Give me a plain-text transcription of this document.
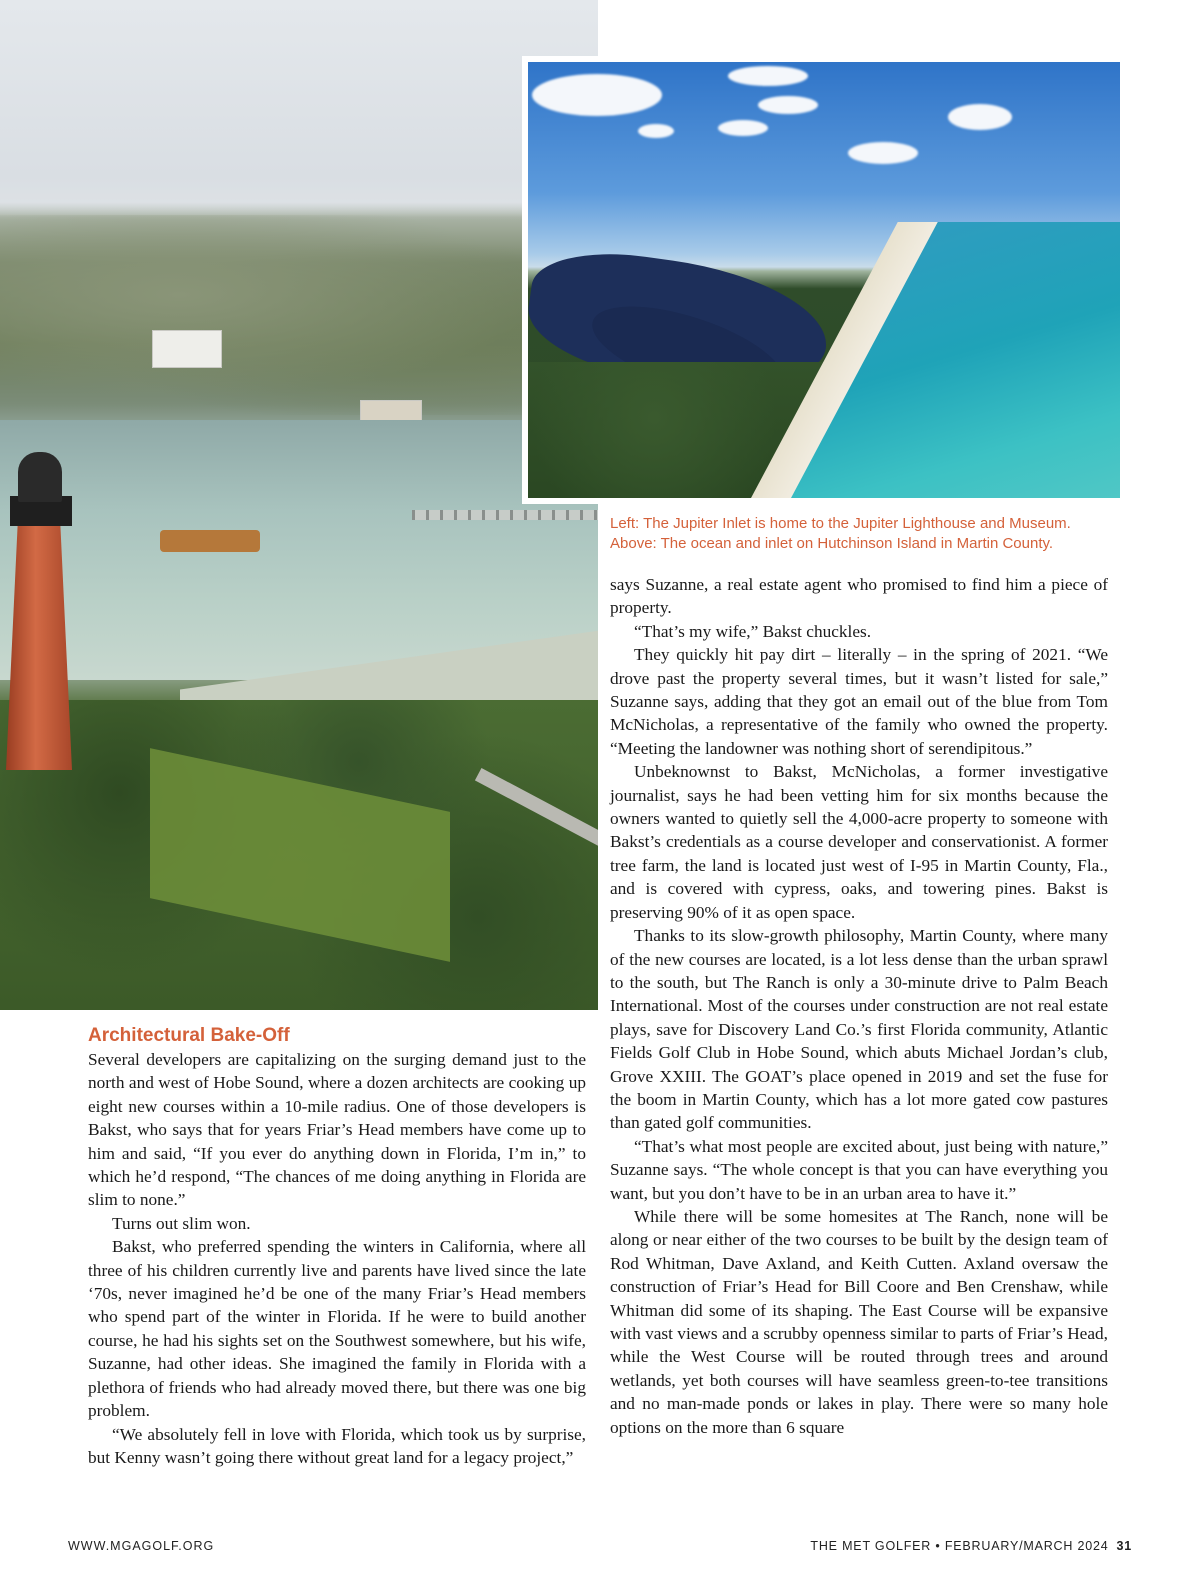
Left: The Jupiter Inlet is home to the Jupiter Lighthouse and Museum.
Above: The ocean and inlet on Hutchinson Island in Martin County.

Architectural Bake-Off

Several developers are capitalizing on the surging demand just to the north and west of Hobe Sound, where a dozen architects are cooking up eight new courses within a 10-mile radius. One of those developers is Bakst, who says that for years Friar’s Head members have come up to him and said, “If you ever do anything down in Florida, I’m in,” to which he’d respond, “The chances of me doing anything in Florida are slim to none.”

Turns out slim won.

Bakst, who preferred spending the winters in California, where all three of his children currently live and parents have lived since the late ‘70s, never imagined he’d be one of the many Friar’s Head members who spend part of the winter in Florida. If he were to build another course, he had his sights set on the Southwest somewhere, but his wife, Suzanne, had other ideas. She imagined the family in Florida with a plethora of friends who had already moved there, but there was one big problem.

“We absolutely fell in love with Florida, which took us by surprise, but Kenny wasn’t going there without great land for a legacy project,”

says Suzanne, a real estate agent who promised to find him a piece of property.

“That’s my wife,” Bakst chuckles.

They quickly hit pay dirt – literally – in the spring of 2021. “We drove past the property several times, but it wasn’t listed for sale,” Suzanne says, adding that they got an email out of the blue from Tom McNicholas, a representative of the family who owned the property. “Meeting the landowner was nothing short of serendipitous.”

Unbeknownst to Bakst, McNicholas, a former investigative journalist, says he had been vetting him for six months because the owners wanted to quietly sell the 4,000-acre property to someone with Bakst’s credentials as a course developer and conservationist. A former tree farm, the land is located just west of I-95 in Martin County, Fla., and is covered with cypress, oaks, and towering pines. Bakst is preserving 90% of it as open space.

Thanks to its slow-growth philosophy, Martin County, where many of the new courses are located, is a lot less dense than the urban sprawl to the south, but The Ranch is only a 30-minute drive to Palm Beach International. Most of the courses under construction are not real estate plays, save for Discovery Land Co.’s first Florida community, Atlantic Fields Golf Club in Hobe Sound, which abuts Michael Jordan’s club, Grove XXIII. The GOAT’s place opened in 2019 and set the fuse for the boom in Martin County, which has a lot more gated cow pastures than gated golf communities.

“That’s what most people are excited about, just being with nature,” Suzanne says. “The whole concept is that you can have everything you want, but you don’t have to be in an urban area to have it.”

While there will be some homesites at The Ranch, none will be along or near either of the two courses to be built by the design team of Rod Whitman, Dave Axland, and Keith Cutten. Axland oversaw the construction of Friar’s Head for Bill Coore and Ben Crenshaw, while Whitman did some of its shaping. The East Course will be expansive with vast views and a scrubby openness similar to parts of Friar’s Head, while the West Course will be routed through trees and around wetlands, yet both courses will have seamless green-to-tee transitions and no man-made ponds or lakes in play. There were so many hole options on the more than 6 square

WWW.MGAGOLF.ORG	THE MET GOLFER • FEBRUARY/MARCH 2024 31
